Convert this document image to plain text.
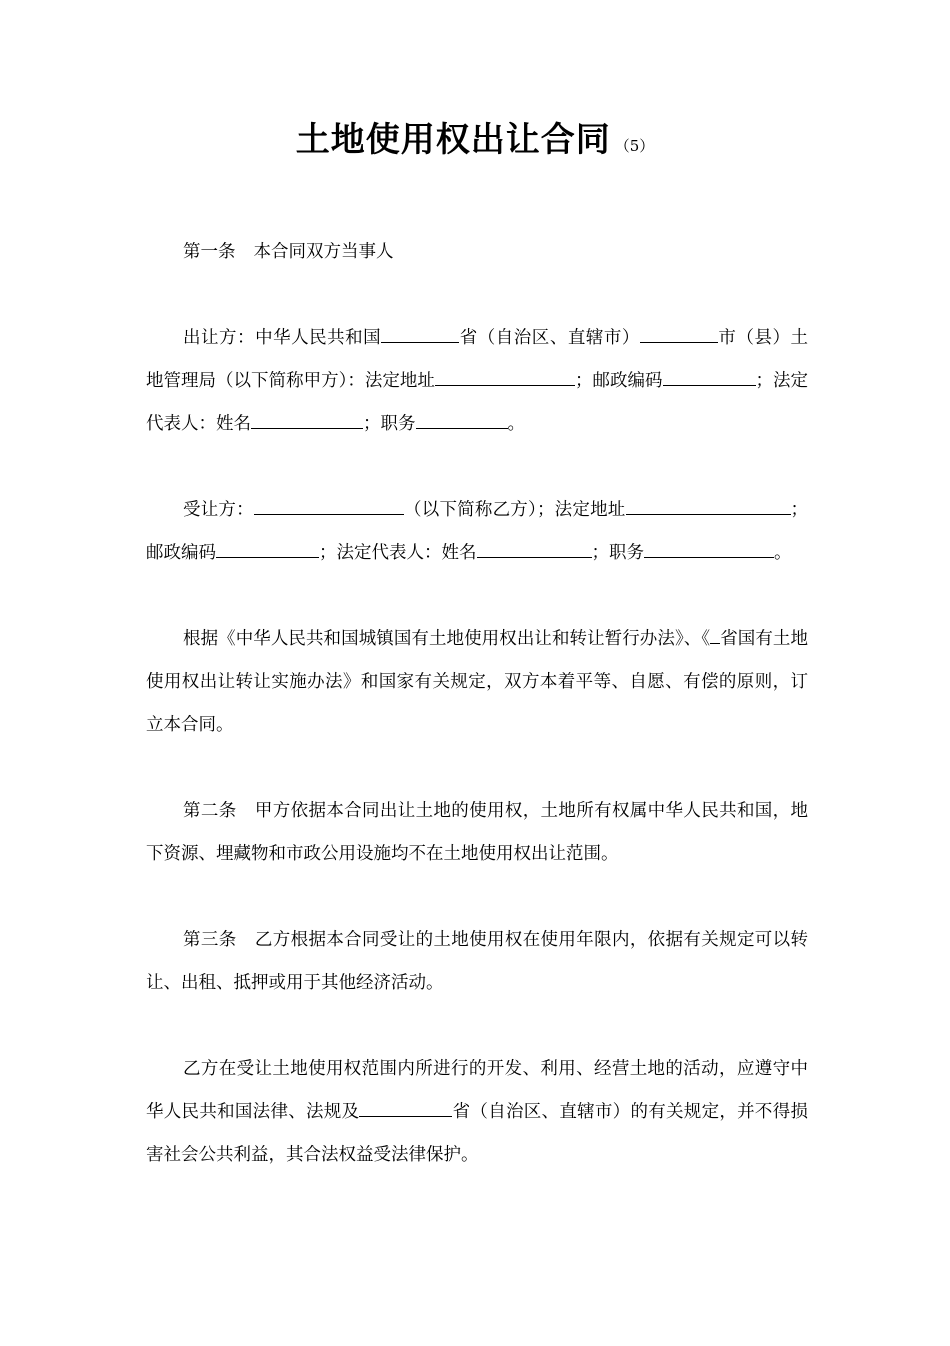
土地使用权出让合同 （5）

第一条 本合同双方当事人

出让方：中华人民共和国	省（自治区、直辖市）	市（县）土地管理局（以下简称甲方）：法定地址	；邮政编码	；法定代表人：姓名	；职务	。

受让方：	（以下简称乙方）；法定地址	；邮政编码	；法定代表人：姓名	；职务	。

根据《中华人民共和国城镇国有土地使用权出让和转让暂行办法》、《 省国有土地使用权出让转让实施办法》和国家有关规定，双方本着平等、自愿、有偿的原则，订立本合同。

第二条 甲方依据本合同出让土地的使用权，土地所有权属中华人民共和国，地下资源、埋藏物和市政公用设施均不在土地使用权出让范围。

第三条 乙方根据本合同受让的土地使用权在使用年限内，依据有关规定可以转让、出租、抵押或用于其他经济活动。

乙方在受让土地使用权范围内所进行的开发、利用、经营土地的活动，应遵守中华人民共和国法律、法规及	省（自治区、直辖市）的有关规定，并不得损害社会公共利益，其合法权益受法律保护。
